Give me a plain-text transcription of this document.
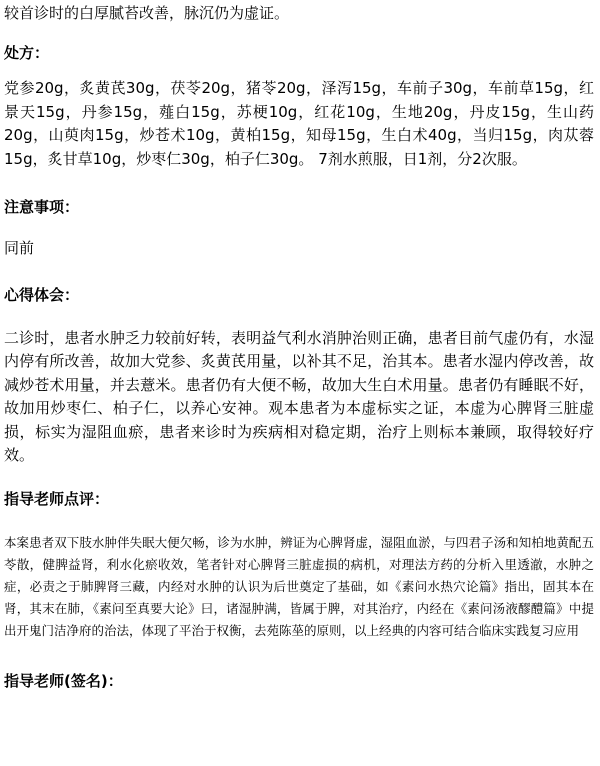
较首诊时的白厚腻苔改善，脉沉仍为虚证。
处方：
党参20g，炙黄芪30g，茯苓20g，猪苓20g，泽泻15g，车前子30g，车前草15g，红景天15g，丹参15g，薤白15g，苏梗10g，红花10g，生地20g，丹皮15g，生山药20g，山萸肉15g，炒苍术10g，黄柏15g，知母15g，生白术40g，当归15g，肉苁蓉15g，炙甘草10g，炒枣仁30g，柏子仁30g。 7剂水煎服，日1剂，分2次服。
注意事项：
同前
心得体会：
二诊时，患者水肿乏力较前好转，表明益气利水消肿治则正确，患者目前气虚仍有，水湿内停有所改善，故加大党参、炙黄芪用量，以补其不足，治其本。患者水湿内停改善，故减炒苍术用量，并去薏米。患者仍有大便不畅，故加大生白术用量。患者仍有睡眠不好，故加用炒枣仁、柏子仁，以养心安神。观本患者为本虚标实之证，本虚为心脾肾三脏虚损，标实为湿阻血瘀，患者来诊时为疾病相对稳定期，治疗上则标本兼顾，取得较好疗效。
指导老师点评：
本案患者双下肢水肿伴失眠大便欠畅，诊为水肿，辨证为心脾肾虚，湿阻血淤，与四君子汤和知柏地黄配五苓散，健脾益肾，利水化瘀收效，笔者针对心脾肾三脏虚损的病机，对理法方药的分析入里透澈，水肿之症，必责之于肺脾肾三藏，内经对水肿的认识为后世奠定了基础，如《素问水热穴论篇》指出，固其本在肾，其末在肺，《素问至真要大论》曰，诸湿肿满，皆属于脾，对其治疗，内经在《素问汤液醪醴篇》中提出开鬼门洁净府的治法，体现了平治于权衡，去苑陈莝的原则，以上经典的内容可结合临床实践复习应用
指导老师(签名)：
